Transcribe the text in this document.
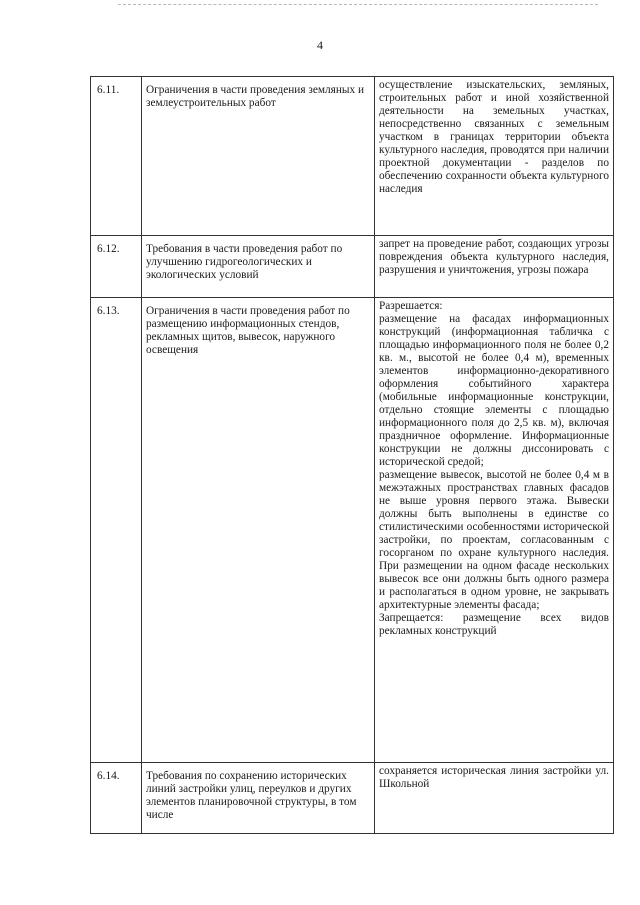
4
6.11.	Ограничения в части проведения земляных и землеустроительных работ	осуществление изыскательских, земляных, строительных работ и иной хозяйственной деятельности на земельных участках, непосредственно связанных с земельным участком в границах территории объекта культурного наследия, проводятся при наличии проектной документации - разделов по обеспечению сохранности объекта культурного наследия

6.12.	Требования в части проведения работ по улучшению гидрогеологических и экологических условий	запрет на проведение работ, создающих угрозы повреждения объекта культурного наследия, разрушения и уничтожения, угрозы пожара

6.13.	Ограничения в части проведения работ по размещению информационных стендов, рекламных щитов, вывесок, наружного освещения	Разрешается:

размещение на фасадах информационных конструкций (информационная табличка с площадью информационного поля не более 0,2 кв. м., высотой не более 0,4 м), временных элементов информационно-декоративного оформления событийного характера (мобильные информационные конструкции, отдельно стоящие элементы с площадью информационного поля до 2,5 кв. м), включая праздничное оформление. Информационные конструкции не должны диссонировать с исторической средой;

размещение вывесок, высотой не более 0,4 м в межэтажных пространствах главных фасадов не выше уровня первого этажа. Вывески должны быть выполнены в единстве со стилистическими особенностями исторической застройки, по проектам, согласованным с госорганом по охране культурного наследия. При размещении на одном фасаде нескольких вывесок все они должны быть одного размера и располагаться в одном уровне, не закрывать архитектурные элементы фасада;

Запрещается: размещение всех видов рекламных конструкций

6.14.	Требования по сохранению исторических линий застройки улиц, переулков и других элементов планировочной структуры, в том числе	сохраняется историческая линия застройки ул. Школьной
